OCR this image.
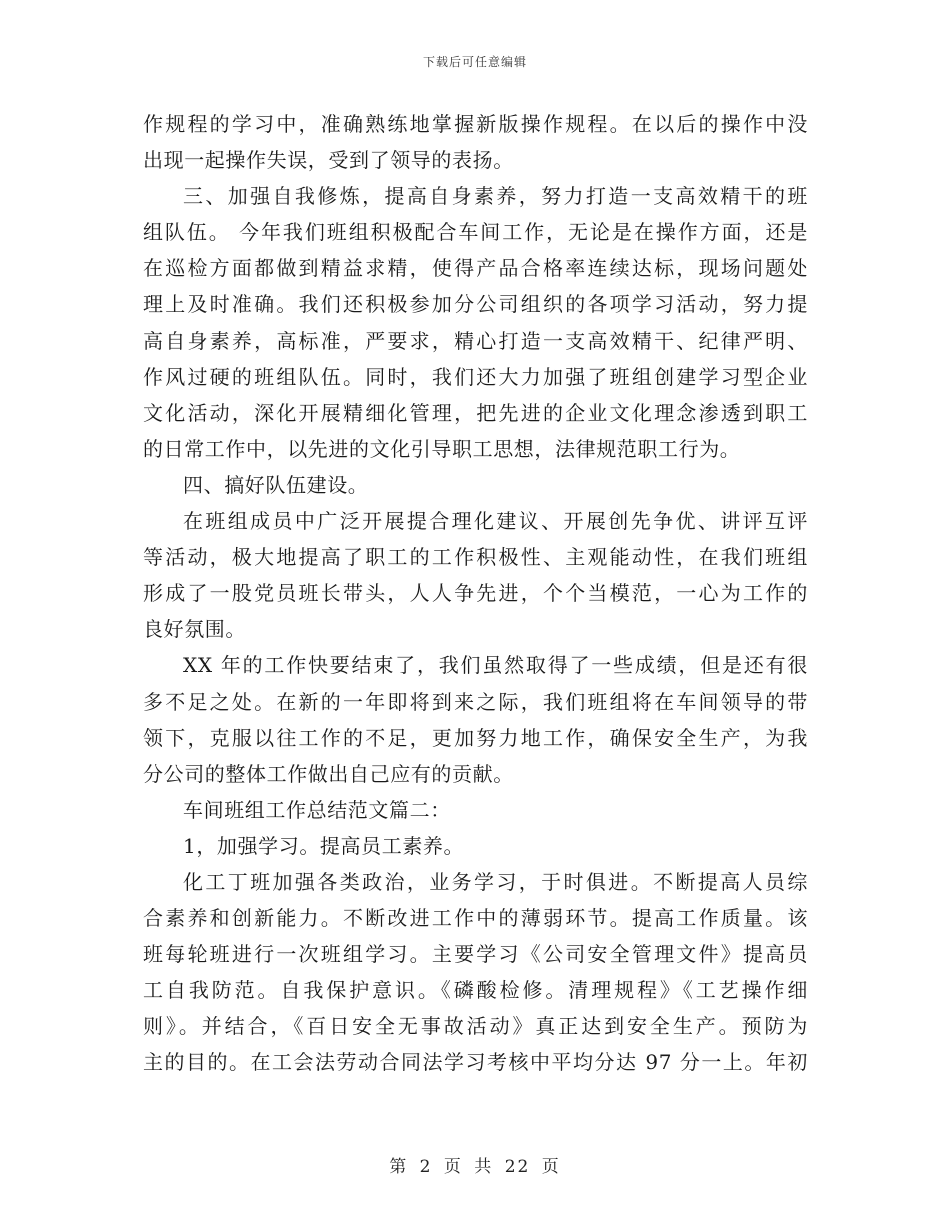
下载后可任意编辑
作规程的学习中，准确熟练地掌握新版操作规程。在以后的操作中没
出现一起操作失误，受到了领导的表扬。
三、加强自我修炼，提高自身素养，努力打造一支高效精干的班
组队伍。 今年我们班组积极配合车间工作，无论是在操作方面，还是
在巡检方面都做到精益求精，使得产品合格率连续达标，现场问题处
理上及时准确。我们还积极参加分公司组织的各项学习活动，努力提
高自身素养，高标准，严要求，精心打造一支高效精干、纪律严明、
作风过硬的班组队伍。同时，我们还大力加强了班组创建学习型企业
文化活动，深化开展精细化管理，把先进的企业文化理念渗透到职工
的日常工作中，以先进的文化引导职工思想，法律规范职工行为。
四、搞好队伍建设。
在班组成员中广泛开展提合理化建议、开展创先争优、讲评互评
等活动，极大地提高了职工的工作积极性、主观能动性，在我们班组
形成了一股党员班长带头，人人争先进，个个当模范，一心为工作的
良好氛围。
XX 年的工作快要结束了，我们虽然取得了一些成绩，但是还有很
多不足之处。在新的一年即将到来之际，我们班组将在车间领导的带
领下，克服以往工作的不足，更加努力地工作，确保安全生产，为我
分公司的整体工作做出自己应有的贡献。
车间班组工作总结范文篇二：
1，加强学习。提高员工素养。
化工丁班加强各类政治，业务学习，于时俱进。不断提高人员综
合素养和创新能力。不断改进工作中的薄弱环节。提高工作质量。该
班每轮班进行一次班组学习。主要学习《公司安全管理文件》提高员
工自我防范。自我保护意识。《磷酸检修。清理规程》《工艺操作细
则》。并结合，《百日安全无事故活动》真正达到安全生产。预防为
主的目的。在工会法劳动合同法学习考核中平均分达 97 分一上。年初
第 2 页 共 22 页
